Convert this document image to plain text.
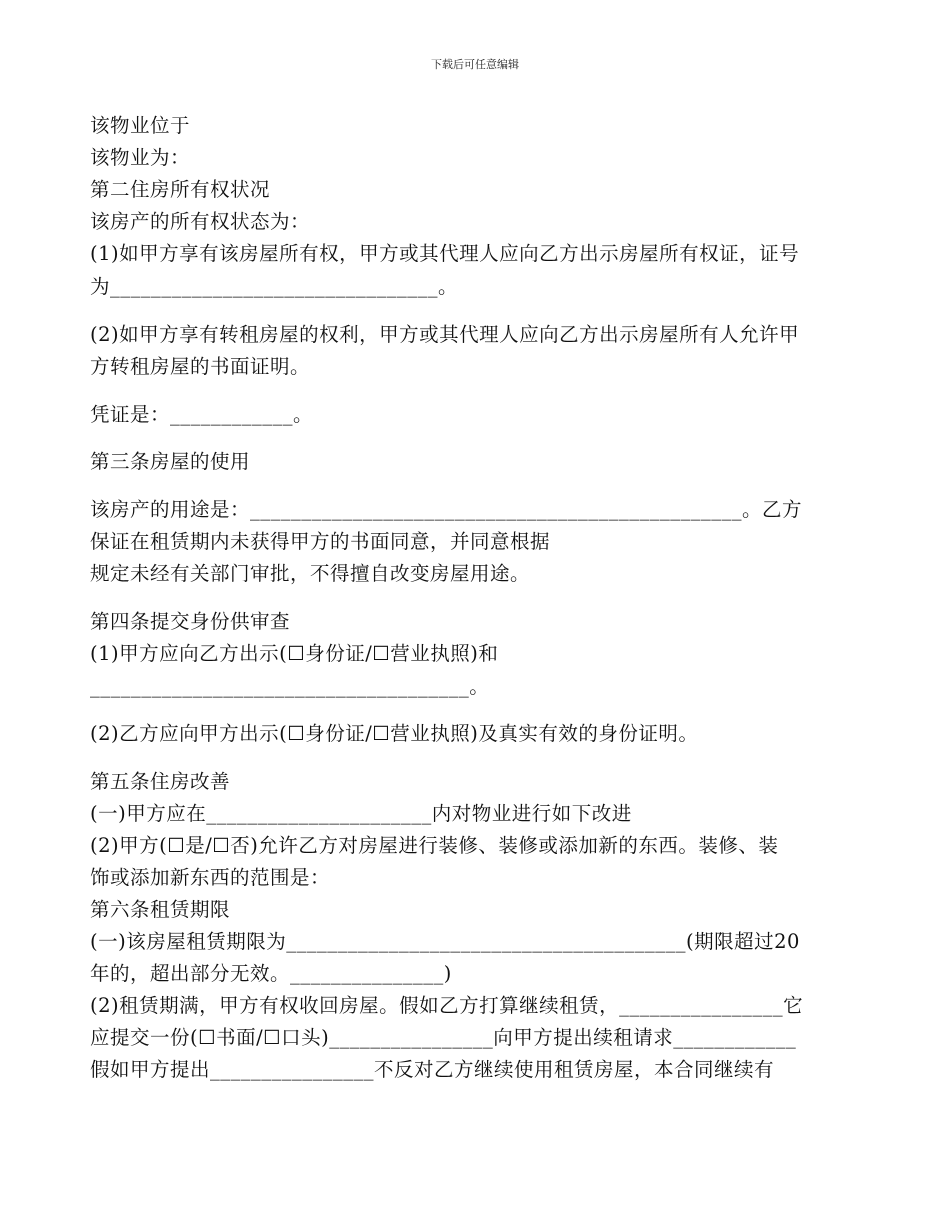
下载后可任意编辑
该物业位于
该物业为：
第二住房所有权状况
该房产的所有权状态为：
(1)如甲方享有该房屋所有权，甲方或其代理人应向乙方出示房屋所有权证，证号
为________________________________。
(2)如甲方享有转租房屋的权利，甲方或其代理人应向乙方出示房屋所有人允许甲
方转租房屋的书面证明。
凭证是：____________。
第三条房屋的使用
该房产的用途是：________________________________________________。乙方
保证在租赁期内未获得甲方的书面同意，并同意根据
规定未经有关部门审批，不得擅自改变房屋用途。
第四条提交身份供审查
(1)甲方应向乙方出示(☐身份证/☐营业执照)和
_____________________________________。
(2)乙方应向甲方出示(☐身份证/☐营业执照)及真实有效的身份证明。
第五条住房改善
(一)甲方应在______________________内对物业进行如下改进
(2)甲方(☐是/☐否)允许乙方对房屋进行装修、装修或添加新的东西。装修、装
饰或添加新东西的范围是：
第六条租赁期限
(一)该房屋租赁期限为_______________________________________(期限超过20
年的，超出部分无效。_______________)
(2)租赁期满，甲方有权收回房屋。假如乙方打算继续租赁，________________它
应提交一份(☐书面/☐口头)________________向甲方提出续租请求____________
假如甲方提出________________不反对乙方继续使用租赁房屋，本合同继续有
